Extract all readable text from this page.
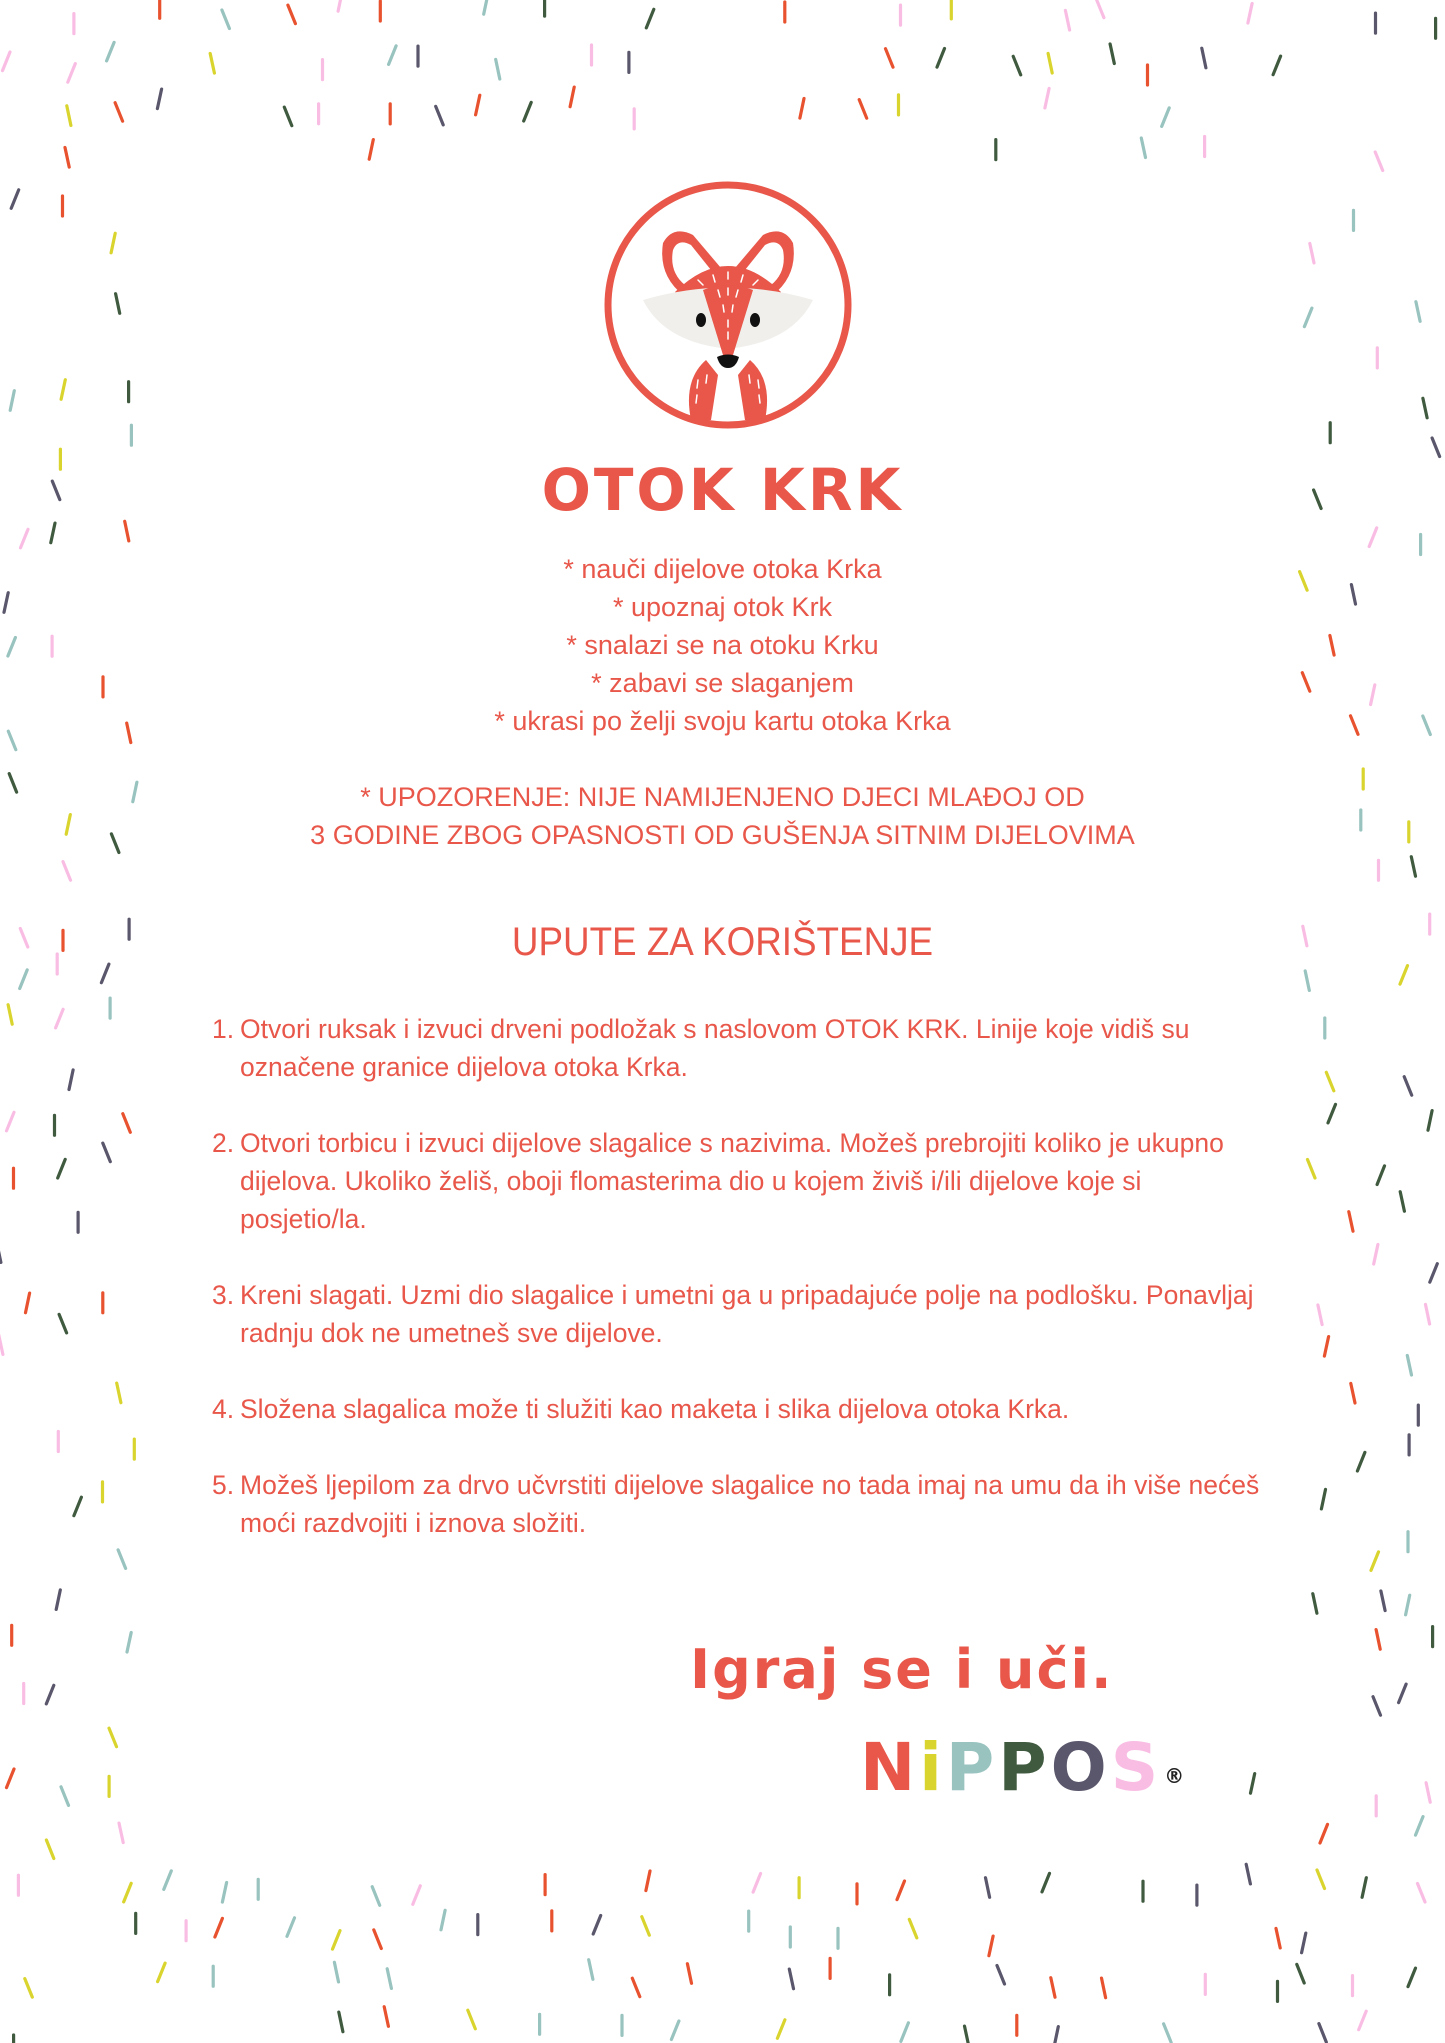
OTOK KRK
* nauči dijelove otoka Krka
* upoznaj otok Krk
* snalazi se na otoku Krku
* zabavi se slaganjem
* ukrasi po želji svoju kartu otoka Krka
* UPOZORENJE: NIJE NAMIJENJENO DJECI MLAĐOJ OD
3 GODINE ZBOG OPASNOSTI OD GUŠENJA SITNIM DIJELOVIMA
UPUTE ZA KORIŠTENJE
1. Otvori ruksak i izvuci drveni podložak s naslovom OTOK KRK. Linije koje vidiš su označene granice dijelova otoka Krka.
2. Otvori torbicu i izvuci dijelove slagalice s nazivima. Možeš prebrojiti koliko je ukupno dijelova. Ukoliko želiš, oboji flomasterima dio u kojem živiš i/ili dijelove koje si posjetio/la.
3. Kreni slagati. Uzmi dio slagalice i umetni ga u pripadajuće polje na podlošku. Ponavljaj radnju dok ne umetneš sve dijelove.
4. Složena slagalica može ti služiti kao maketa i slika dijelova otoka Krka.
5. Možeš ljepilom za drvo učvrstiti dijelove slagalice no tada imaj na umu da ih više nećeš moći razdvojiti i iznova složiti.
Igraj se i uči.
NiPPOS ®
